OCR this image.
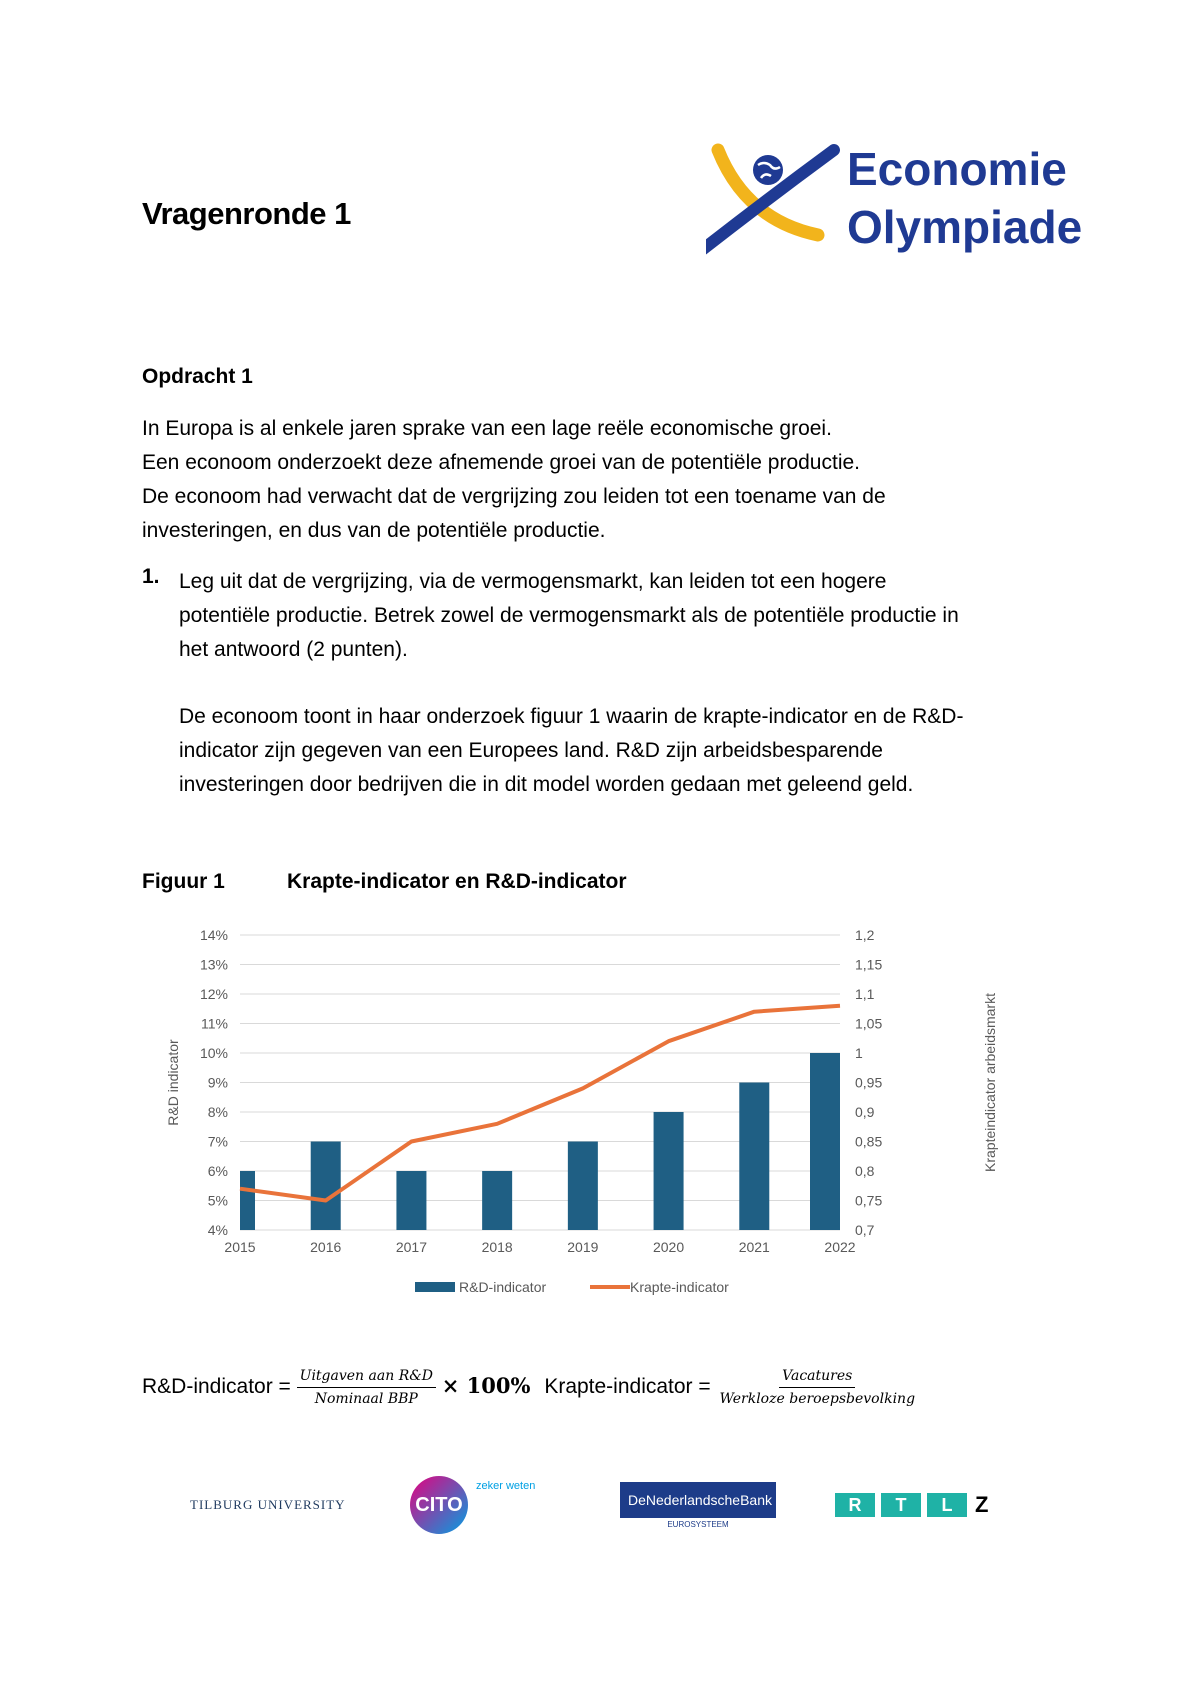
Vragenronde 1
Economie
Olympiade
Opdracht 1
In Europa is al enkele jaren sprake van een lage reële economische groei.
Een econoom onderzoekt deze afnemende groei van de potentiële productie.
De econoom had verwacht dat de vergrijzing zou leiden tot een toename van de
investeringen, en dus van de potentiële productie.
1. Leg uit dat de vergrijzing, via de vermogensmarkt, kan leiden tot een hogere
potentiële productie. Betrek zowel de vermogensmarkt als de potentiële productie in
het antwoord (2 punten).
De econoom toont in haar onderzoek figuur 1 waarin de krapte-indicator en de R&D-
indicator zijn gegeven van een Europees land. R&D zijn arbeidsbesparende
investeringen door bedrijven die in dit model worden gedaan met geleend geld.
Figuur 1	Krapte-indicator en R&D-indicator
4%
5%
6%
7%
8%
9%
10%
11%
12%
13%
14%
0,7
0,75
0,8
0,85
0,9
0,95
1
1,05
1,1
1,15
1,2
2015	2016	2017	2018	2019	2020	2021	2022
R&D indicator	Krapteindicator arbeidsmarkt
R&D-indicator	Krapte-indicator
R&D-indicator = $\frac{\text{Uitgaven aan R\&D}}{\text{Nominaal BBP}} \times 100\%$ Krapte-indicator = $\frac{\text{Vacatures}}{\text{Werkloze beroepsbevolking}}$
TILBURG UNIVERSITY	CITO
zeker weten
DeNederlandscheBank
EUROSYSTEEM
R	T	L	Z
